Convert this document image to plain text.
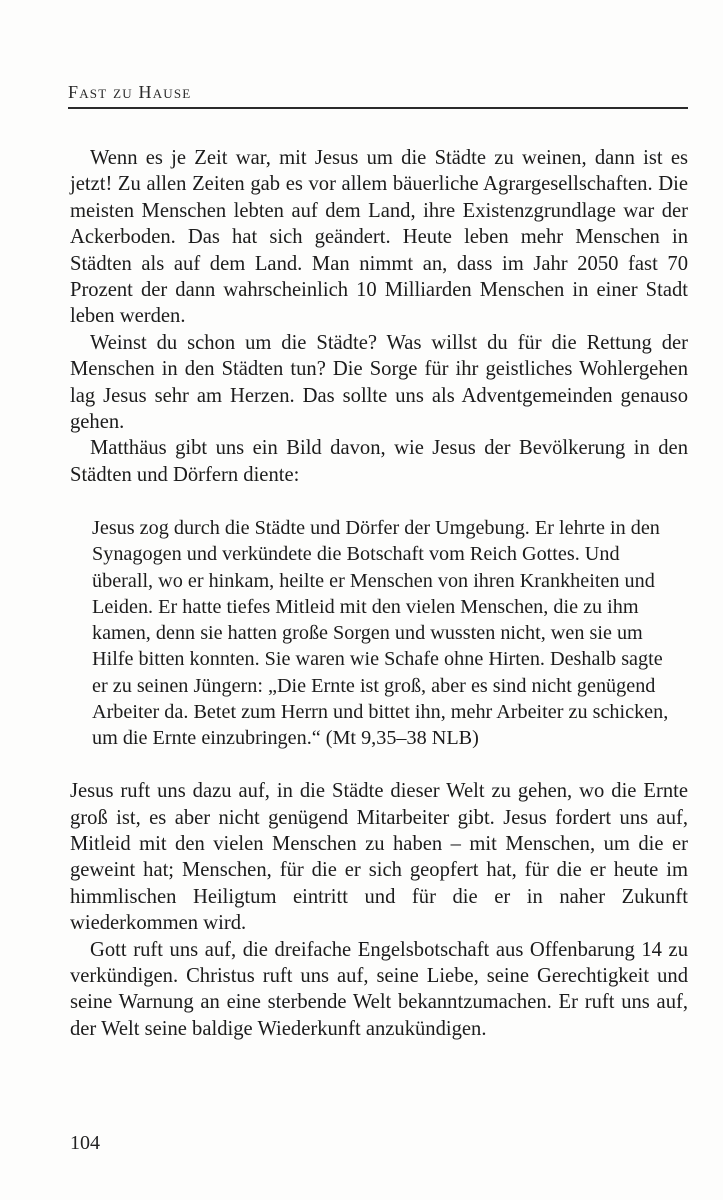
Fast zu Hause

Wenn es je Zeit war, mit Jesus um die Städte zu weinen, dann ist es jetzt! Zu allen Zeiten gab es vor allem bäuerliche Agrargesellschaften. Die meisten Menschen lebten auf dem Land, ihre Existenzgrundlage war der Ackerboden. Das hat sich geändert. Heute leben mehr Menschen in Städten als auf dem Land. Man nimmt an, dass im Jahr 2050 fast 70 Prozent der dann wahrscheinlich 10 Milliarden Menschen in einer Stadt leben werden.

Weinst du schon um die Städte? Was willst du für die Rettung der Menschen in den Städten tun? Die Sorge für ihr geistliches Wohlergehen lag Jesus sehr am Herzen. Das sollte uns als Adventgemeinden genauso gehen.

Matthäus gibt uns ein Bild davon, wie Jesus der Bevölkerung in den Städten und Dörfern diente:

Jesus zog durch die Städte und Dörfer der Umgebung. Er lehrte in den Synagogen und verkündete die Botschaft vom Reich Gottes. Und überall, wo er hinkam, heilte er Menschen von ihren Krankheiten und Leiden. Er hatte tiefes Mitleid mit den vielen Menschen, die zu ihm kamen, denn sie hatten große Sorgen und wussten nicht, wen sie um Hilfe bitten konnten. Sie waren wie Schafe ohne Hirten. Deshalb sagte er zu seinen Jüngern: „Die Ernte ist groß, aber es sind nicht genügend Arbeiter da. Betet zum Herrn und bittet ihn, mehr Arbeiter zu schicken, um die Ernte einzubringen.“ (Mt 9,35–38 NLB)

Jesus ruft uns dazu auf, in die Städte dieser Welt zu gehen, wo die Ernte groß ist, es aber nicht genügend Mitarbeiter gibt. Jesus fordert uns auf, Mitleid mit den vielen Menschen zu haben – mit Menschen, um die er geweint hat; Menschen, für die er sich geopfert hat, für die er heute im himmlischen Heiligtum eintritt und für die er in naher Zukunft wiederkommen wird.

Gott ruft uns auf, die dreifache Engelsbotschaft aus Offenbarung 14 zu verkündigen. Christus ruft uns auf, seine Liebe, seine Gerechtigkeit und seine Warnung an eine sterbende Welt bekanntzumachen. Er ruft uns auf, der Welt seine baldige Wiederkunft anzukündigen.

104
